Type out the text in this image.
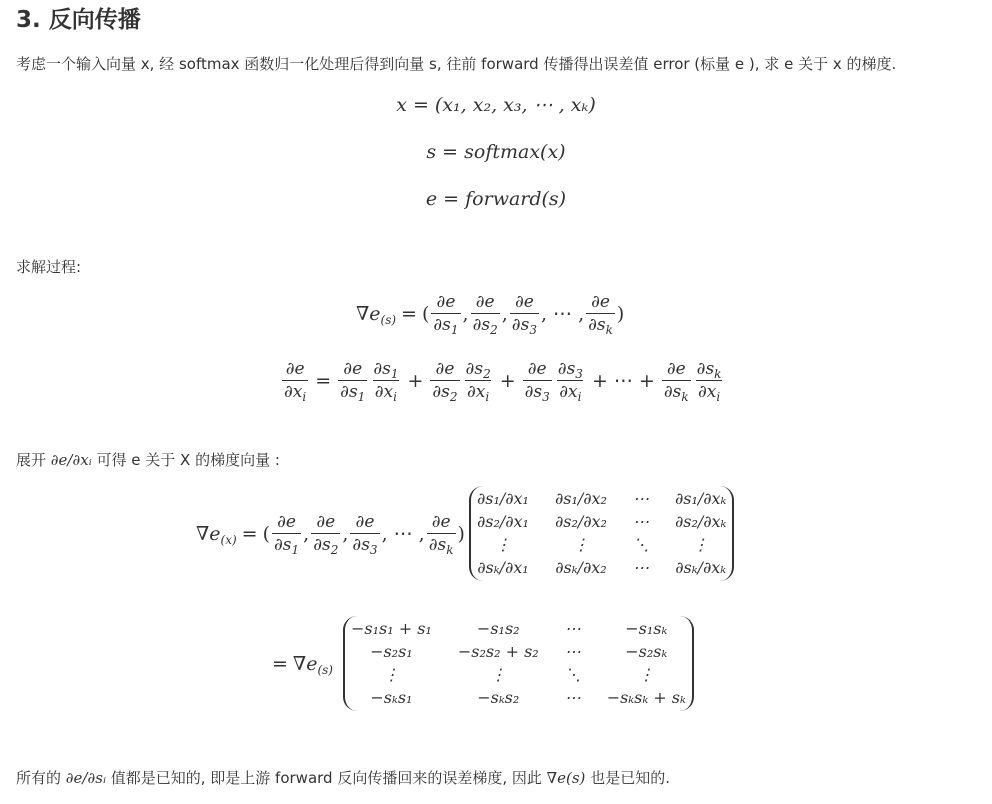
3. 反向传播

考虑一个输入向量 x, 经 softmax 函数归一化处理后得到向量 s, 往前 forward 传播得出误差值 error (标量 e ), 求 e 关于 x 的梯度.

x = (x₁, x₂, x₃, ⋯ , xₖ)
s = softmax(x)
e = forward(s)

求解过程:

$\nabla e_{(s)}$ = ( $\frac{\partial e}{\partial s_1}$ , $\frac{\partial e}{\partial s_2}$ , $\frac{\partial e}{\partial s_3}$ , ⋯ , $\frac{\partial e}{\partial s_k}$ )
$\frac{\partial e}{\partial x_i} = \frac{\partial e}{\partial s_1} \frac{\partial s_1}{\partial x_i} + \frac{\partial e}{\partial s_2} \frac{\partial s_2}{\partial x_i} + \frac{\partial e}{\partial s_3} \frac{\partial s_3}{\partial x_i}$ + ⋯ + $\frac{\partial e}{\partial s_k} \frac{\partial s_k}{\partial x_i}$

展开 ∂e/∂xᵢ 可得 e 关于 X 的梯度向量 :

$\nabla e_{(x)}$ = ( $\frac{\partial e}{\partial s_1}$ , $\frac{\partial e}{\partial s_2}$ , $\frac{\partial e}{\partial s_3}$ , ⋯ , $\frac{\partial e}{\partial s_k}$ )
∂s₁/∂x₁ ∂s₁/∂x₂ ⋯ ∂s₁/∂xₖ
∂s₂/∂x₁ ∂s₂/∂x₂ ⋯ ∂s₂/∂xₖ
⋮	⋮	⋱	⋮
∂sₖ/∂x₁ ∂sₖ/∂x₂ ⋯ ∂sₖ/∂xₖ
= $\nabla e_{(s)}$
−s₁s₁ + s₁	−s₁s₂	⋯	−s₁sₖ
−s₂s₁	−s₂s₂ + s₂ ⋯	−s₂sₖ
⋮	⋮	⋱	⋮
−sₖs₁	−sₖs₂	⋯ −sₖsₖ + sₖ

所有的 ∂e/∂sᵢ 值都是已知的, 即是上游 forward 反向传播回来的误差梯度, 因此 ∇e(s) 也是已知的.
